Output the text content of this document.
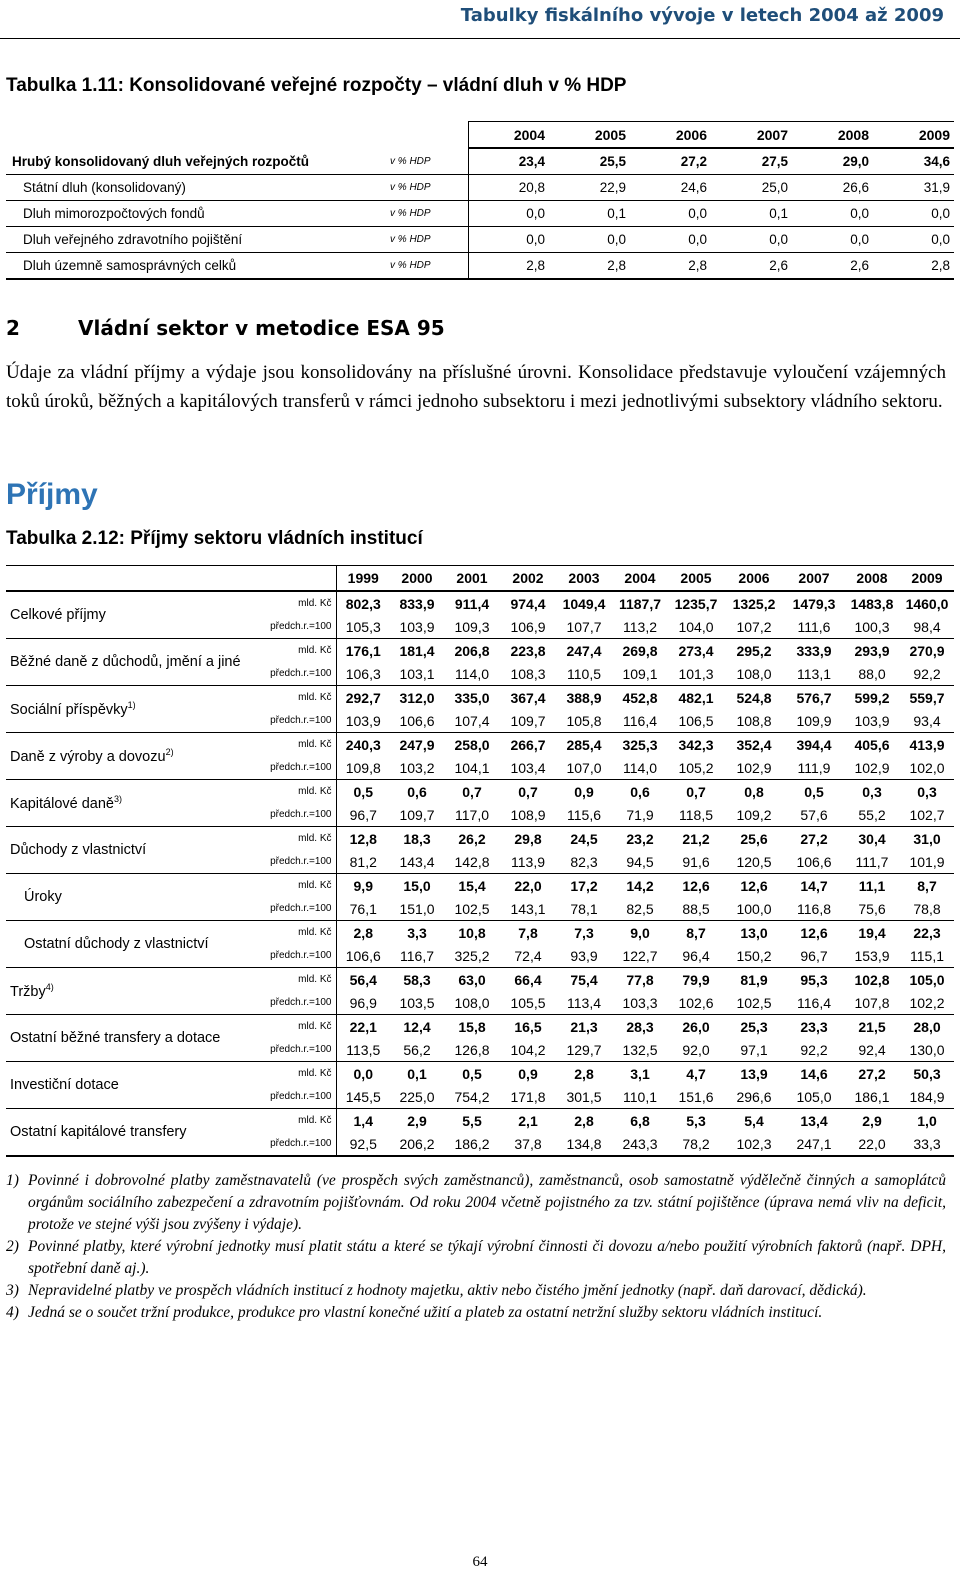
Tabulky fiskálního vývoje v letech 2004 až 2009
Tabulka 1.11: Konsolidované veřejné rozpočty – vládní dluh v % HDP
		2004	2005	2006	2007	2008	2009
Hrubý konsolidovaný dluh veřejných rozpočtů	v % HDP	23,4	25,5	27,2	27,5	29,0	34,6
Státní dluh (konsolidovaný)	v % HDP	20,8	22,9	24,6	25,0	26,6	31,9
Dluh mimorozpočtových fondů	v % HDP	0,0	0,1	0,0	0,1	0,0	0,0
Dluh veřejného zdravotního pojištění	v % HDP	0,0	0,0	0,0	0,0	0,0	0,0
Dluh územně samosprávných celků	v % HDP	2,8	2,8	2,8	2,6	2,6	2,8
2	Vládní sektor v metodice ESA 95

Údaje za vládní příjmy a výdaje jsou konsolidovány na příslušné úrovni. Konsolidace představuje vyloučení vzájemných toků úroků, běžných a kapitálových transferů v rámci jednoho subsektoru i mezi jednotlivými subsektory vládního sektoru.

Příjmy
Tabulka 2.12: Příjmy sektoru vládních institucí
		1999	2000	2001	2002	2003	2004	2005	2006	2007	2008	2009
Celkové příjmy	mld. Kč	802,3	833,9	911,4	974,4	1049,4	1187,7	1235,7	1325,2	1479,3	1483,8	1460,0
	předch.r.=100	105,3	103,9	109,3	106,9	107,7	113,2	104,0	107,2	111,6	100,3	98,4
Běžné daně z důchodů, jmění a jiné	mld. Kč	176,1	181,4	206,8	223,8	247,4	269,8	273,4	295,2	333,9	293,9	270,9
	předch.r.=100	106,3	103,1	114,0	108,3	110,5	109,1	101,3	108,0	113,1	88,0	92,2
Sociální příspěvky$^{1)}$	mld. Kč	292,7	312,0	335,0	367,4	388,9	452,8	482,1	524,8	576,7	599,2	559,7
	předch.r.=100	103,9	106,6	107,4	109,7	105,8	116,4	106,5	108,8	109,9	103,9	93,4
Daně z výroby a dovozu$^{2)}$	mld. Kč	240,3	247,9	258,0	266,7	285,4	325,3	342,3	352,4	394,4	405,6	413,9
	předch.r.=100	109,8	103,2	104,1	103,4	107,0	114,0	105,2	102,9	111,9	102,9	102,0
Kapitálové daně$^{3)}$	mld. Kč	0,5	0,6	0,7	0,7	0,9	0,6	0,7	0,8	0,5	0,3	0,3
	předch.r.=100	96,7	109,7	117,0	108,9	115,6	71,9	118,5	109,2	57,6	55,2	102,7
Důchody z vlastnictví	mld. Kč	12,8	18,3	26,2	29,8	24,5	23,2	21,2	25,6	27,2	30,4	31,0
	předch.r.=100	81,2	143,4	142,8	113,9	82,3	94,5	91,6	120,5	106,6	111,7	101,9
Úroky	mld. Kč	9,9	15,0	15,4	22,0	17,2	14,2	12,6	12,6	14,7	11,1	8,7
	předch.r.=100	76,1	151,0	102,5	143,1	78,1	82,5	88,5	100,0	116,8	75,6	78,8
Ostatní důchody z vlastnictví	mld. Kč	2,8	3,3	10,8	7,8	7,3	9,0	8,7	13,0	12,6	19,4	22,3
	předch.r.=100	106,6	116,7	325,2	72,4	93,9	122,7	96,4	150,2	96,7	153,9	115,1
Tržby$^{4)}$	mld. Kč	56,4	58,3	63,0	66,4	75,4	77,8	79,9	81,9	95,3	102,8	105,0
	předch.r.=100	96,9	103,5	108,0	105,5	113,4	103,3	102,6	102,5	116,4	107,8	102,2
Ostatní běžné transfery a dotace	mld. Kč	22,1	12,4	15,8	16,5	21,3	28,3	26,0	25,3	23,3	21,5	28,0
	předch.r.=100	113,5	56,2	126,8	104,2	129,7	132,5	92,0	97,1	92,2	92,4	130,0
Investiční dotace	mld. Kč	0,0	0,1	0,5	0,9	2,8	3,1	4,7	13,9	14,6	27,2	50,3
	předch.r.=100	145,5	225,0	754,2	171,8	301,5	110,1	151,6	296,6	105,0	186,1	184,9
Ostatní kapitálové transfery	mld. Kč	1,4	2,9	5,5	2,1	2,8	6,8	5,3	5,4	13,4	2,9	1,0
	předch.r.=100	92,5	206,2	186,2	37,8	134,8	243,3	78,2	102,3	247,1	22,0	33,3
1) Povinné i dobrovolné platby zaměstnavatelů (ve prospěch svých zaměstnanců), zaměstnanců, osob samostatně výdělečně činných a samoplátců orgánům sociálního zabezpečení a zdravotním pojišťovnám. Od roku 2004 včetně pojistného za tzv. státní pojištěnce (úprava nemá vliv na deficit, protože ve stejné výši jsou zvýšeny i výdaje).
2) Povinné platby, které výrobní jednotky musí platit státu a které se týkají výrobní činnosti či dovozu a/nebo použití výrobních faktorů (např. DPH, spotřební daně aj.).
3) Nepravidelné platby ve prospěch vládních institucí z hodnoty majetku, aktiv nebo čistého jmění jednotky (např. daň darovací, dědická).
4) Jedná se o součet tržní produkce, produkce pro vlastní konečné užití a plateb za ostatní netržní služby sektoru vládních institucí.
64
